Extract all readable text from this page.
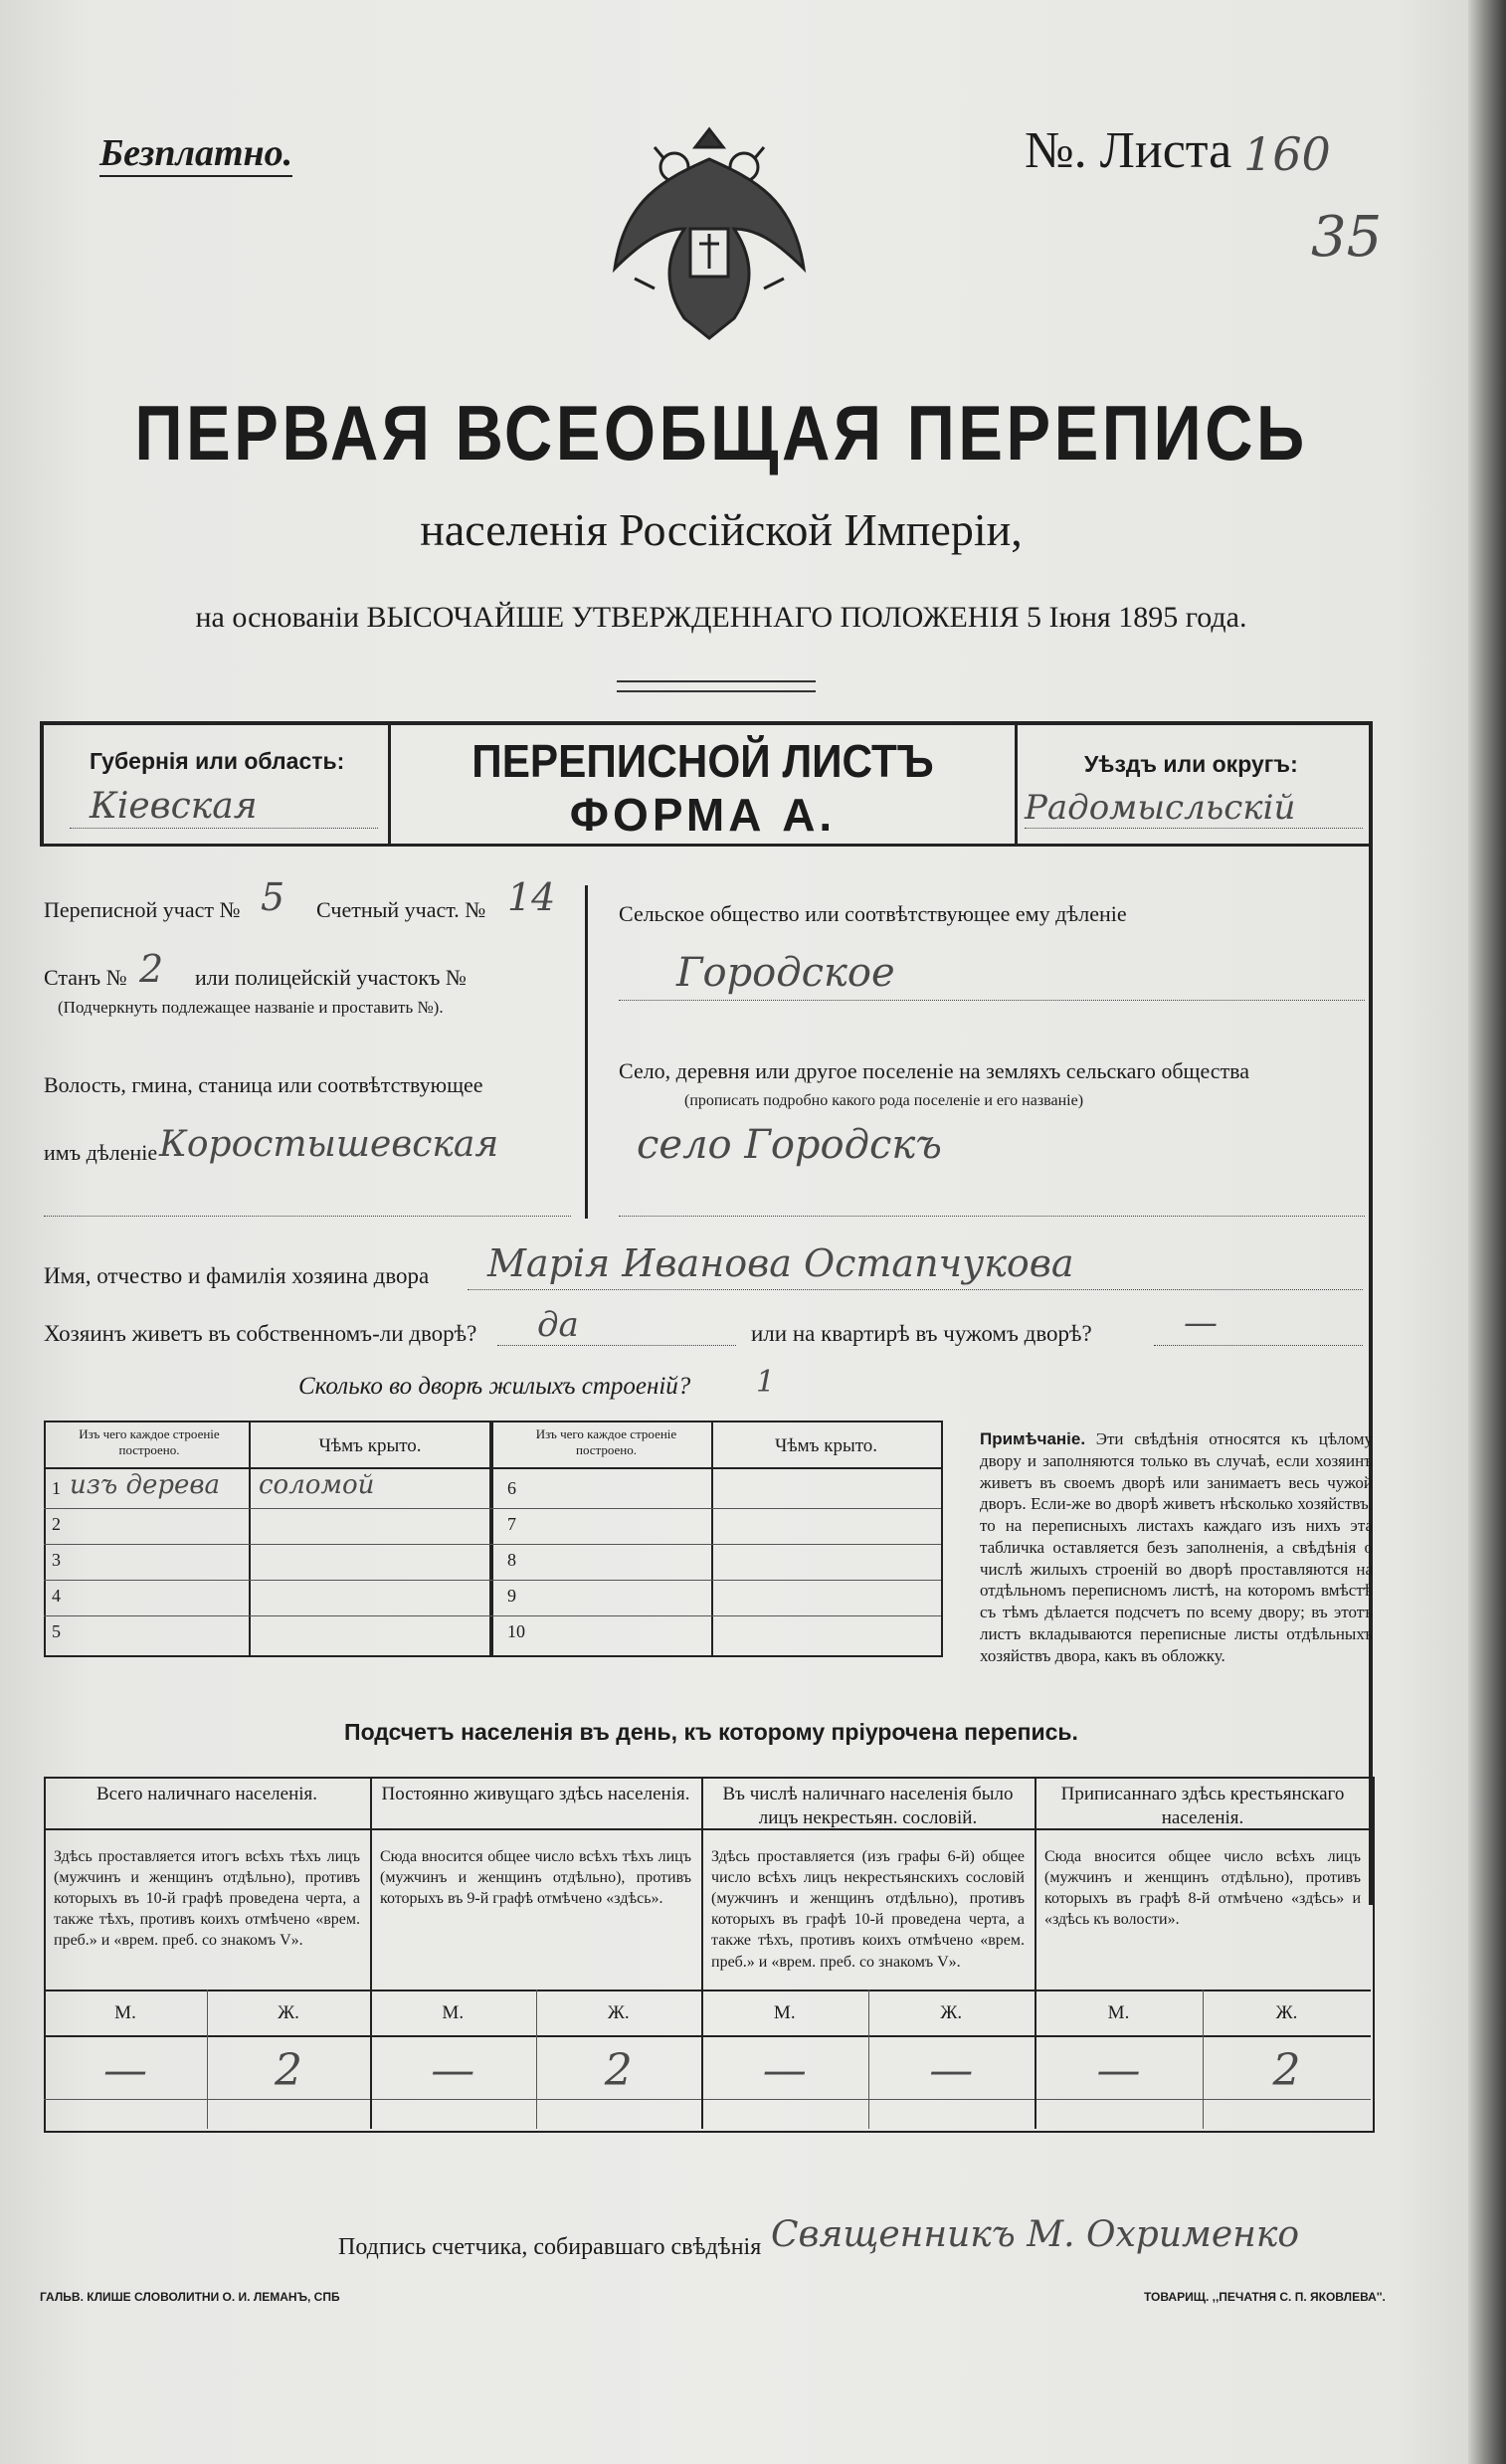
Безплатно.	№. Листа 160
35
ПЕРВАЯ ВСЕОБЩАЯ ПЕРЕПИСЬ
населенія Россійской Имперіи,
на основаніи ВЫСОЧАЙШЕ УТВЕРЖДЕННАГО ПОЛОЖЕНІЯ 5 Іюня 1895 года.
Губернія или область:
Кіевская
ПЕРЕПИСНОЙ ЛИСТЪ
ФОРМА А.
Уѣздъ или округъ:
Радомысльскій
Переписной участ № 5 Счетный участ. № 14
Станъ № 2 или полицейскій участокъ №
(Подчеркнуть подлежащее названіе и проставить №).
Волость, гмина, станица или соотвѣтствующее
имъ дѣленіе Коростышевская
Сельское общество или соотвѣтствующее ему дѣленіе
Городское
Село, деревня или другое поселеніе на земляхъ сельскаго общества
(прописать подробно какого рода поселеніе и его названіе)
село Городскъ
Имя, отчество и фамилія хозяина двора Марія Иванова Остапчукова
Хозяинъ живетъ въ собственномъ-ли дворѣ? да	или на квартирѣ въ чужомъ дворѣ?	—
Сколько во дворѣ жилыхъ строеній? 1
Изъ чего каждое строеніе построено.	Чѣмъ крыто.
Изъ чего каждое строеніе построено.	Чѣмъ крыто.
1 изъ дерева соломой	6
2	7
3	8
4	9
5	10
Примѣчаніе. Эти свѣдѣнія относятся къ цѣлому двору и заполняются только въ случаѣ, если хозяинъ живетъ въ своемъ дворѣ или занимаетъ весь чужой дворъ. Если-же во дворѣ живетъ нѣсколько хозяйствъ, то на переписныхъ листахъ каждаго изъ нихъ эта табличка оставляется безъ заполненія, а свѣдѣнія о числѣ жилыхъ строеній во дворѣ проставляются на отдѣльномъ переписномъ листѣ, на которомъ вмѣстѣ съ тѣмъ дѣлается подсчетъ по всему двору; въ этотъ листъ вкладываются переписные листы отдѣльныхъ хозяйствъ двора, какъ въ обложку.
Подсчетъ населенія въ день, къ которому пріурочена перепись.
Всего наличнаго населенія.
Здѣсь проставляется итогъ всѣхъ тѣхъ лицъ (мужчинъ и женщинъ отдѣльно), противъ которыхъ въ 10-й графѣ проведена черта, а также тѣхъ, противъ коихъ отмѣчено «врем. преб.» и «врем. преб. со знакомъ V».
М.	Ж.
—	2
Постоянно живущаго здѣсь населенія.
Сюда вносится общее число всѣхъ тѣхъ лицъ (мужчинъ и женщинъ отдѣльно), противъ которыхъ въ 9-й графѣ отмѣчено «здѣсь».
М.	Ж.
—	2
Въ числѣ наличнаго населенія было лицъ некрестьян. сословій.
Здѣсь проставляется (изъ графы 6-й) общее число всѣхъ лицъ некрестьянскихъ сословій (мужчинъ и женщинъ отдѣльно), противъ которыхъ въ графѣ 10-й проведена черта, а также тѣхъ, противъ коихъ отмѣчено «врем. преб.» и «врем. преб. со знакомъ V».
М.	Ж.
—	—
Приписаннаго здѣсь крестьянскаго населенія.
Сюда вносится общее число всѣхъ лицъ (мужчинъ и женщинъ отдѣльно), противъ которыхъ въ графѣ 8-й отмѣчено «здѣсь» и «здѣсь къ волости».
М.	Ж.
—	2
Подпись счетчика, собиравшаго свѣдѣнія Священникъ М. Охрименко
ГАЛЬВ. КЛИШЕ СЛОВОЛИТНИ О. И. ЛЕМАНЪ, СПБ	ТОВАРИЩ. ,,ПЕЧАТНЯ С. П. ЯКОВЛЕВА''.
